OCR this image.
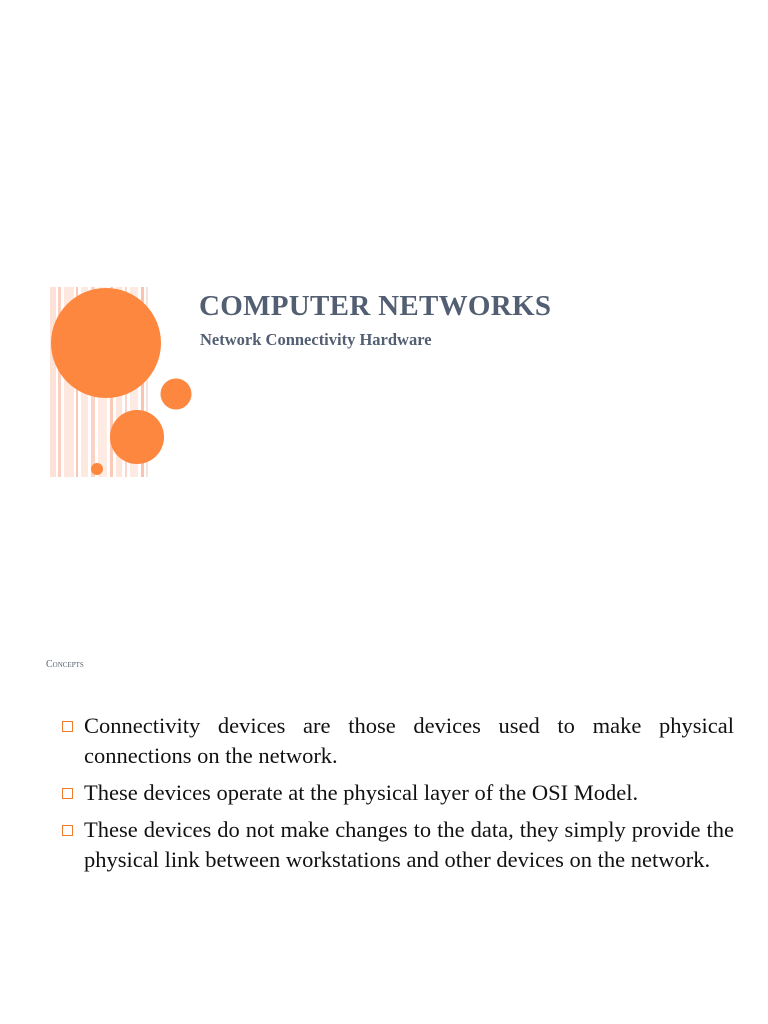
COMPUTER NETWORKS
Network Connectivity Hardware
Concepts
Connectivity devices are those devices used to make physical connections on the network.
These devices operate at the physical layer of the OSI Model.
These devices do not make changes to the data, they simply provide the physical link between workstations and other devices on the network.
